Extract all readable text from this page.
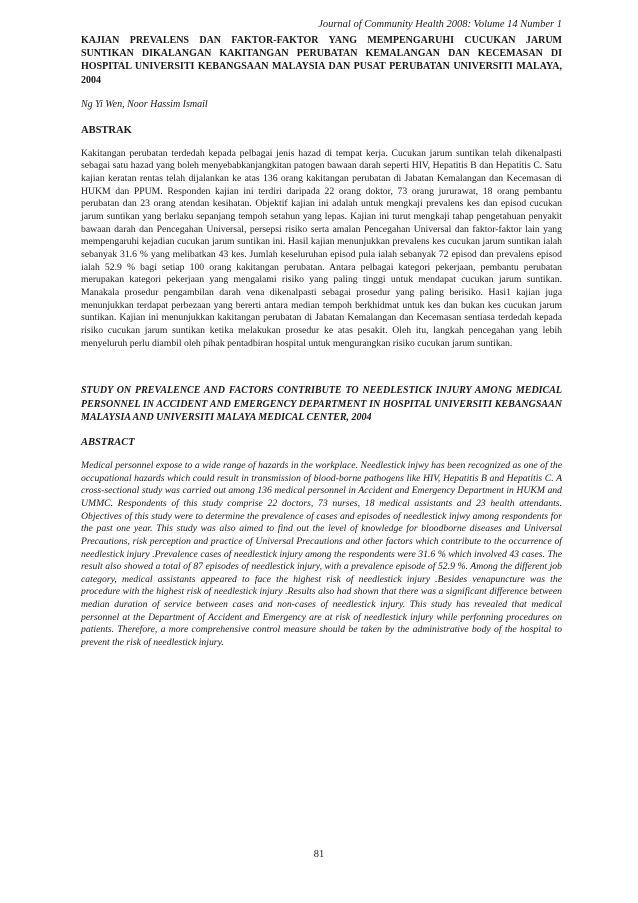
Journal of Community Health 2008: Volume 14 Number 1

KAJIAN PREVALENS DAN FAKTOR-FAKTOR YANG MEMPENGARUHI CUCUKAN JARUM SUNTIKAN DIKALANGAN KAKITANGAN PERUBATAN KEMALANGAN DAN KECEMASAN DI HOSPITAL UNIVERSITI KEBANGSAAN MALAYSIA DAN PUSAT PERUBATAN UNIVERSITI MALAYA, 2004

Ng Yi Wen, Noor Hassim Ismail

ABSTRAK

Kakitangan perubatan terdedah kepada pelbagai jenis hazad di tempat kerja. Cucukan jarum suntikan telah dikenalpasti sebagai satu hazad yang boleh menyebabkanjangkitan patogen bawaan darah seperti HIV, Hepatitis B dan Hepatitis C. Satu kajian keratan rentas telah dijalankan ke atas 136 orang kakitangan perubatan di Jabatan Kemalangan dan Kecemasan di HUKM dan PPUM. Responden kajian ini terdiri daripada 22 orang doktor, 73 orang jururawat, 18 orang pembantu perubatan dan 23 orang atendan kesihatan. Objektif kajian ini adalah untuk mengkaji prevalens kes dan episod cucukan jarum suntikan yang berlaku sepanjang tempoh setahun yang lepas. Kajian ini turut mengkaji tahap pengetahuan penyakit bawaan darah dan Pencegahan Universal, persepsi risiko serta amalan Pencegahan Universal dan faktor-faktor lain yang mempengaruhi kejadian cucukan jarum suntikan ini. Hasil kajian menunjukkan prevalens kes cucukan jarum suntikan ialah sebanyak 31.6 % yang melibatkan 43 kes. Jumlah keseluruhan episod pula ialah sebanyak 72 episod dan prevalens episod ialah 52.9 % bagi setiap 100 orang kakitangan perubatan. Antara pelbagai kategori pekerjaan, pembantu perubatan merupakan kategori pekerjaan yang mengalami risiko yang paling tinggi untuk mendapat cucukan jarum suntikan. Manakala prosedur pengambilan darah vena dikenalpasti sebagai prosedur yang paling berisiko. Hasi1 kajian juga menunjukkan terdapat perbezaan yang bererti antara median tempoh berkhidmat untuk kes dan bukan kes cucukan jarum suntikan. Kajian ini menunjukkan kakitangan perubatan di Jabatan Kemalangan dan Kecemasan sentiasa terdedah kepada risiko cucukan jarum suntikan ketika melakukan prosedur ke atas pesakit. Oleh itu, langkah pencegahan yang lebih menyeluruh perlu diambil oleh pihak pentadbiran hospital untuk mengurangkan risiko cucukan jarum suntikan.

STUDY ON PREVALENCE AND FACTORS CONTRIBUTE TO NEEDLESTICK INJURY AMONG MEDICAL PERSONNEL IN ACCIDENT AND EMERGENCY DEPARTMENT IN HOSPITAL UNIVERSITI KEBANGSAAN MALAYSIA AND UNIVERSITI MALAYA MEDICAL CENTER, 2004

ABSTRACT

Medical personnel expose to a wide range of hazards in the workplace. Needlestick injwy has been recognized as one of the occupational hazards which could result in transmission of blood-borne pathogens like HIV, Hepatitis B and Hepatitis C. A cross-sectional study was carried out among 136 medical personnel in Accident and Emergency Department in HUKM and UMMC. Respondents of this study comprise 22 doctors, 73 nurses, 18 medical assistants and 23 health attendants. Objectives of this study were to determine the prevalence of cases and episodes of needlestick injwy among respondents for the past one year. This study was also aimed to find out the level of knowledge for bloodborne diseases and Universal Precautions, risk perception and practice of Universal Precautions and other factors which contribute to the occurrence of needlestick injury .Prevalence cases of needlestick injury among the respondents were 31.6 % which involved 43 cases. The result also showed a total of 87 episodes of needlestick injury, with a prevalence episode of 52.9 %. Among the different job category, medical assistants appeared to face the highest risk of needlestick injury .Besides venapuncture was the procedure with the highest risk of needlestick injury .Results also had shown that there was a significant difference between median duration of service between cases and non-cases of needlestick injury. This study has revealed that medical personnel at the Department of Accident and Emergency are at risk of needlestick injury while perfonning procedures on patients. Therefore, a more comprehensive control measure should be taken by the administrative body of the hospital to prevent the risk of needlestick injury.

81
